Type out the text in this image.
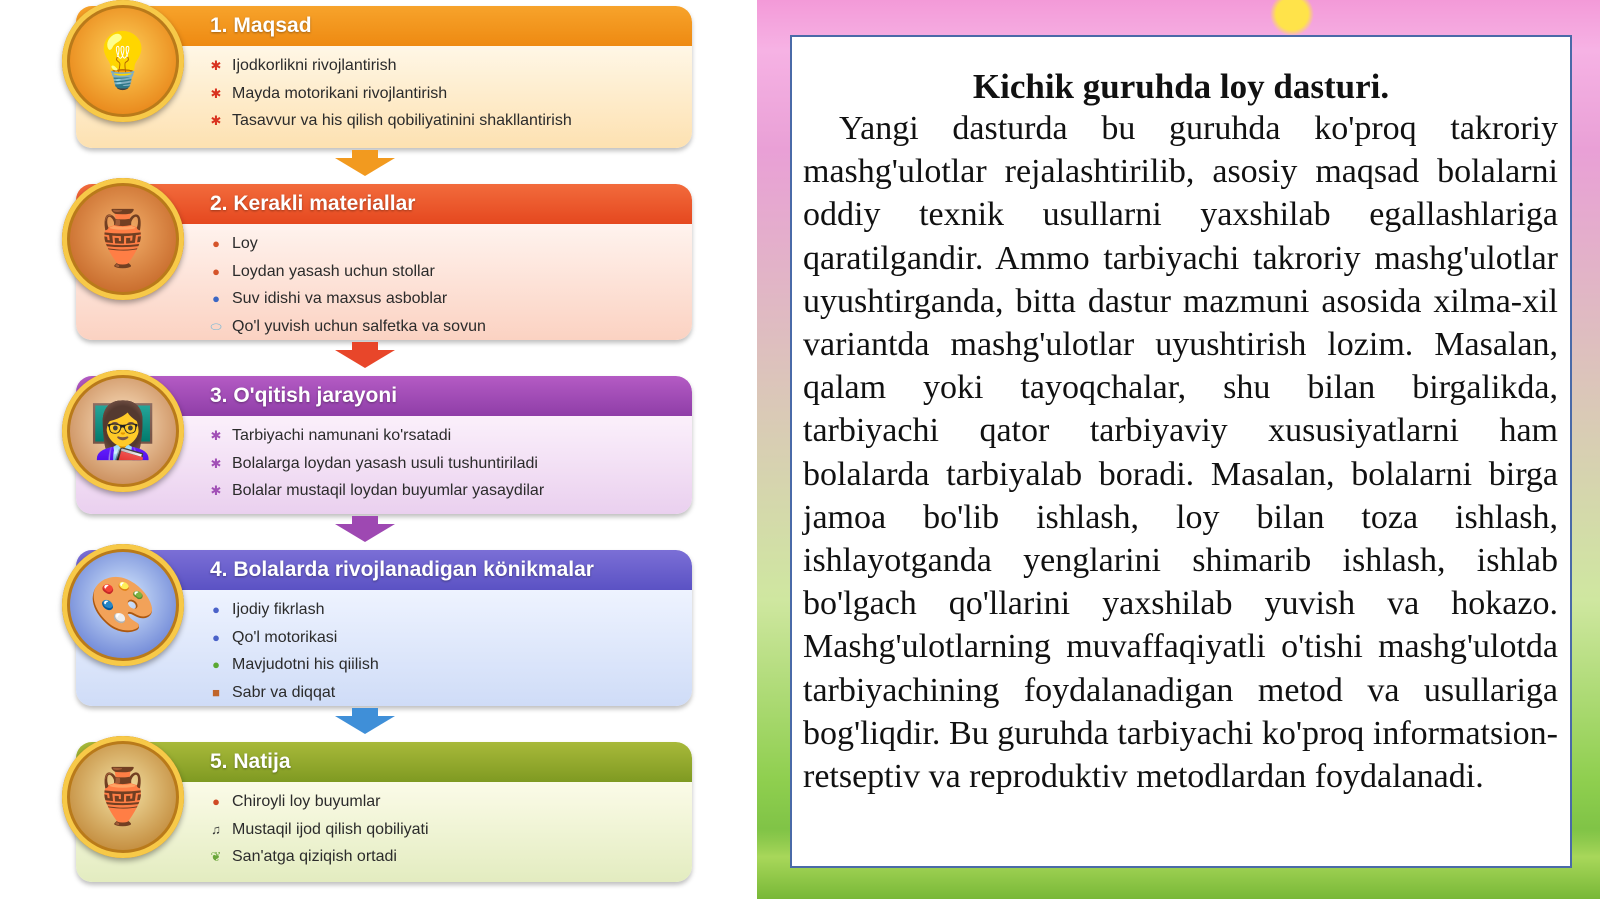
💡
1. Maqsad
✱ Ijodkorlikni rivojlantirish
✱ Mayda motorikani rivojlantirish
✱ Tasavvur va his qilish qobiliyatinini shakllantirish
🏺
2. Kerakli materiallar
● Loy
● Loydan yasash uchun stollar
● Suv idishi va maxsus asboblar
⬭ Qo'l yuvish uchun salfetka va sovun
👩‍🏫
3. O'qitish jarayoni
✱ Tarbiyachi namunani ko'rsatadi
✱ Bolalarga loydan yasash usuli tushuntiriladi
✱ Bolalar mustaqil loydan buyumlar yasaydilar
🎨
4. Bolalarda rivojlanadigan könikmalar
● Ijodiy fikrlash
● Qo'l motorikasi
● Mavjudotni his qiilish
■ Sabr va diqqat
🏺
5. Natija
● Chiroyli loy buyumlar
♫ Mustaqil ijod qilish qobiliyati
❦ San'atga qiziqish ortadi
Kichik guruhda loy dasturi.
Yangi dasturda bu guruhda ko'proq takroriy mashg'ulotlar rejalashtirilib, asosiy maqsad bolalarni oddiy texnik usullarni yaxshilab egallashlariga qaratilgandir. Ammo tarbiyachi takroriy mashg'ulotlar uyushtirganda, bitta dastur mazmuni asosida xilma-xil variantda mashg'ulotlar uyushtirish lozim. Masalan, qalam yoki tayoqchalar, shu bilan birgalikda, tarbiyachi qator tarbiyaviy xususiyatlarni ham bolalarda tarbiyalab boradi. Masalan, bolalarni birga jamoa bo'lib ishlash, loy bilan toza ishlash, ishlayotganda yenglarini shimarib ishlash, ishlab bo'lgach qo'llarini yaxshilab yuvish va hokazo. Mashg'ulotlarning muvaffaqiyatli o'tishi mashg'ulotda tarbiyachining foydalanadigan metod va usullariga bog'liqdir. Bu guruhda tarbiyachi ko'proq informatsion-retseptiv va reproduktiv metodlardan foydalanadi.
